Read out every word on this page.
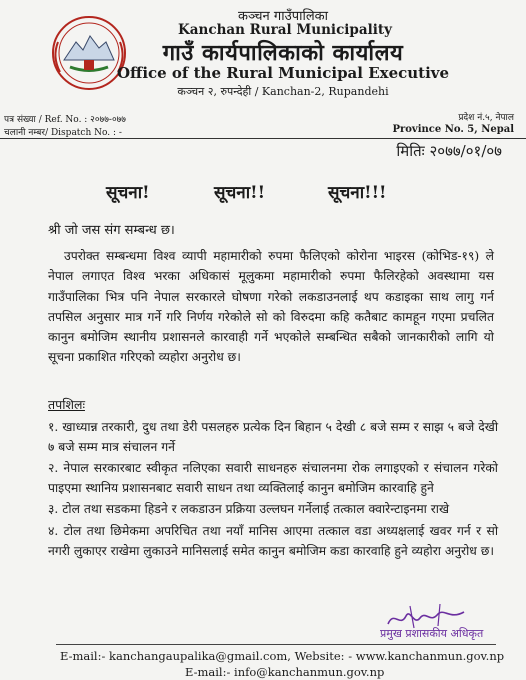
कञ्चन गाउँपालिका
Kanchan Rural Municipality
गाउँ कार्यपालिकाको कार्यालय
Office of the Rural Municipal Executive
कञ्चन २, रुपन्देही / Kanchan-2, Rupandehi
पत्र संख्या / Ref. No. : २०७७-०७७
चलानी नम्बर/ Dispatch No. : -
प्रदेश नं.५, नेपाल
Province No. 5, Nepal
मितिः २०७७/०१/०७
सूचना!	सूचना!!	सूचना!!!
श्री जो जस संग सम्बन्ध छ।

उपरोक्त सम्बन्धमा विश्व व्यापी महामारीको रुपमा फैलिएको कोरोना भाइरस (कोभिड-१९) ले नेपाल लगाएत विश्व भरका अधिकासं मूलुकमा महामारीको रुपमा फैलिरहेको अवस्थामा यस गाउँपालिका भित्र पनि नेपाल सरकारले घोषणा गरेको लकडाउनलाई थप कडाइका साथ लागु गर्न तपसिल अनुसार मात्र गर्ने गरि निर्णय गरेकोले सो को विरुदमा कहि कतैबाट कामहून गएमा प्रचलित कानुन बमोजिम स्थानीय प्रशासनले कारवाही गर्ने भएकोले सम्बन्धित सबैको जानकारीको लागि यो सूचना प्रकाशित गरिएको व्यहोरा अनुरोध छ।

तपशिलः

१. खाध्यान्न तरकारी, दुध तथा डेरी पसलहरु प्रत्येक दिन बिहान ५ देखी ८ बजे सम्म र साझ ५ बजे देखी ७ बजे सम्म मात्र संचालन गर्ने

२. नेपाल सरकारबाट स्वीकृत नलिएका सवारी साधनहरु संचालनमा रोक लगाइएको र संचालन गरेको पाइएमा स्थानिय प्रशासनबाट सवारी साधन तथा व्यक्तिलाई कानुन बमोजिम कारवाहि हुने

३. टोल तथा सडकमा हिडने र लकडाउन प्रक्रिया उल्लघन गर्नेलाई तत्काल क्वारेन्टाइनमा राखे

४. टोल तथा छिमेकमा अपरिचित तथा नयाँ मानिस आएमा तत्काल वडा अध्यक्षलाई खवर गर्न र सो नगरी लुकाएर राखेमा लुकाउने मानिसलाई समेत कानुन बमोजिम कडा कारवाहि हुने व्यहोरा अनुरोध छ।

प्रमुख प्रशासकीय अधिकृत
E-mail:- kanchangaupalika@gmail.com, Website: - www.kanchanmun.gov.np
E-mail:- info@kanchanmun.gov.np
